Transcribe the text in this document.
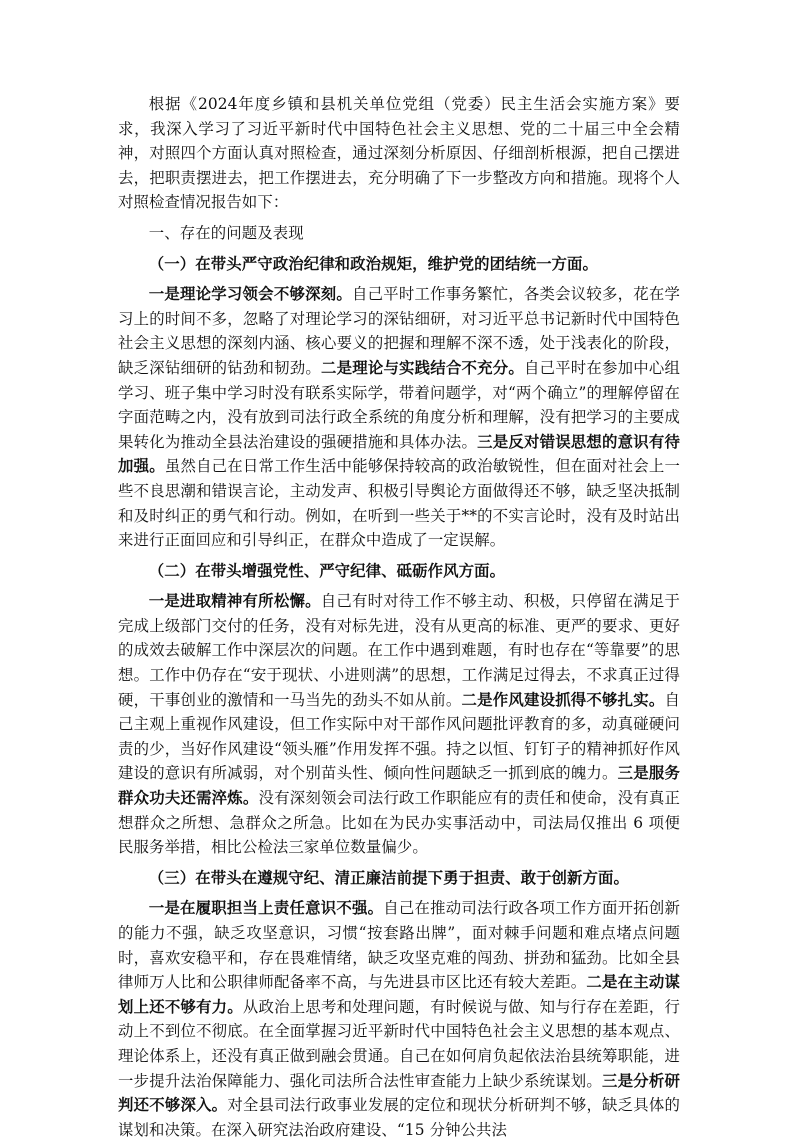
根据《2024年度乡镇和县机关单位党组（党委）民主生活会实施方案》要求，我深入学习了习近平新时代中国特色社会主义思想、党的二十届三中全会精神，对照四个方面认真对照检查，通过深刻分析原因、仔细剖析根源，把自己摆进去，把职责摆进去，把工作摆进去，充分明确了下一步整改方向和措施。现将个人对照检查情况报告如下：

一、存在的问题及表现

（一）在带头严守政治纪律和政治规矩，维护党的团结统一方面。

一是理论学习领会不够深刻。自己平时工作事务繁忙，各类会议较多，花在学习上的时间不多，忽略了对理论学习的深钻细研，对习近平总书记新时代中国特色社会主义思想的深刻内涵、核心要义的把握和理解不深不透，处于浅表化的阶段，缺乏深钻细研的钻劲和韧劲。二是理论与实践结合不充分。自己平时在参加中心组学习、班子集中学习时没有联系实际学，带着问题学，对“两个确立”的理解停留在字面范畴之内，没有放到司法行政全系统的角度分析和理解，没有把学习的主要成果转化为推动全县法治建设的强硬措施和具体办法。三是反对错误思想的意识有待加强。虽然自己在日常工作生活中能够保持较高的政治敏锐性，但在面对社会上一些不良思潮和错误言论，主动发声、积极引导舆论方面做得还不够，缺乏坚决抵制和及时纠正的勇气和行动。例如，在听到一些关于**的不实言论时，没有及时站出来进行正面回应和引导纠正，在群众中造成了一定误解。

（二）在带头增强党性、严守纪律、砥砺作风方面。

一是进取精神有所松懈。自己有时对待工作不够主动、积极，只停留在满足于完成上级部门交付的任务，没有对标先进，没有从更高的标准、更严的要求、更好的成效去破解工作中深层次的问题。在工作中遇到难题，有时也存在“等靠要”的思想。工作中仍存在“安于现状、小进则满”的思想，工作满足过得去，不求真正过得硬，干事创业的激情和一马当先的劲头不如从前。二是作风建设抓得不够扎实。自己主观上重视作风建设，但工作实际中对干部作风问题批评教育的多，动真碰硬问责的少，当好作风建设“领头雁”作用发挥不强。持之以恒、钉钉子的精神抓好作风建设的意识有所减弱，对个别苗头性、倾向性问题缺乏一抓到底的魄力。三是服务群众功夫还需淬炼。没有深刻领会司法行政工作职能应有的责任和使命，没有真正想群众之所想、急群众之所急。比如在为民办实事活动中，司法局仅推出 6 项便民服务举措，相比公检法三家单位数量偏少。

（三）在带头在遵规守纪、清正廉洁前提下勇于担责、敢于创新方面。

一是在履职担当上责任意识不强。自己在推动司法行政各项工作方面开拓创新的能力不强，缺乏攻坚意识，习惯“按套路出牌”，面对棘手问题和难点堵点问题时，喜欢安稳平和，存在畏难情绪，缺乏攻坚克难的闯劲、拼劲和猛劲。比如全县律师万人比和公职律师配备率不高，与先进县市区比还有较大差距。二是在主动谋划上还不够有力。从政治上思考和处理问题，有时候说与做、知与行存在差距，行动上不到位不彻底。在全面掌握习近平新时代中国特色社会主义思想的基本观点、理论体系上，还没有真正做到融会贯通。自己在如何肩负起依法治县统筹职能，进一步提升法治保障能力、强化司法所合法性审查能力上缺少系统谋划。三是分析研判还不够深入。对全县司法行政事业发展的定位和现状分析研判不够，缺乏具体的谋划和决策。在深入研究法治政府建设、“15 分钟公共法
